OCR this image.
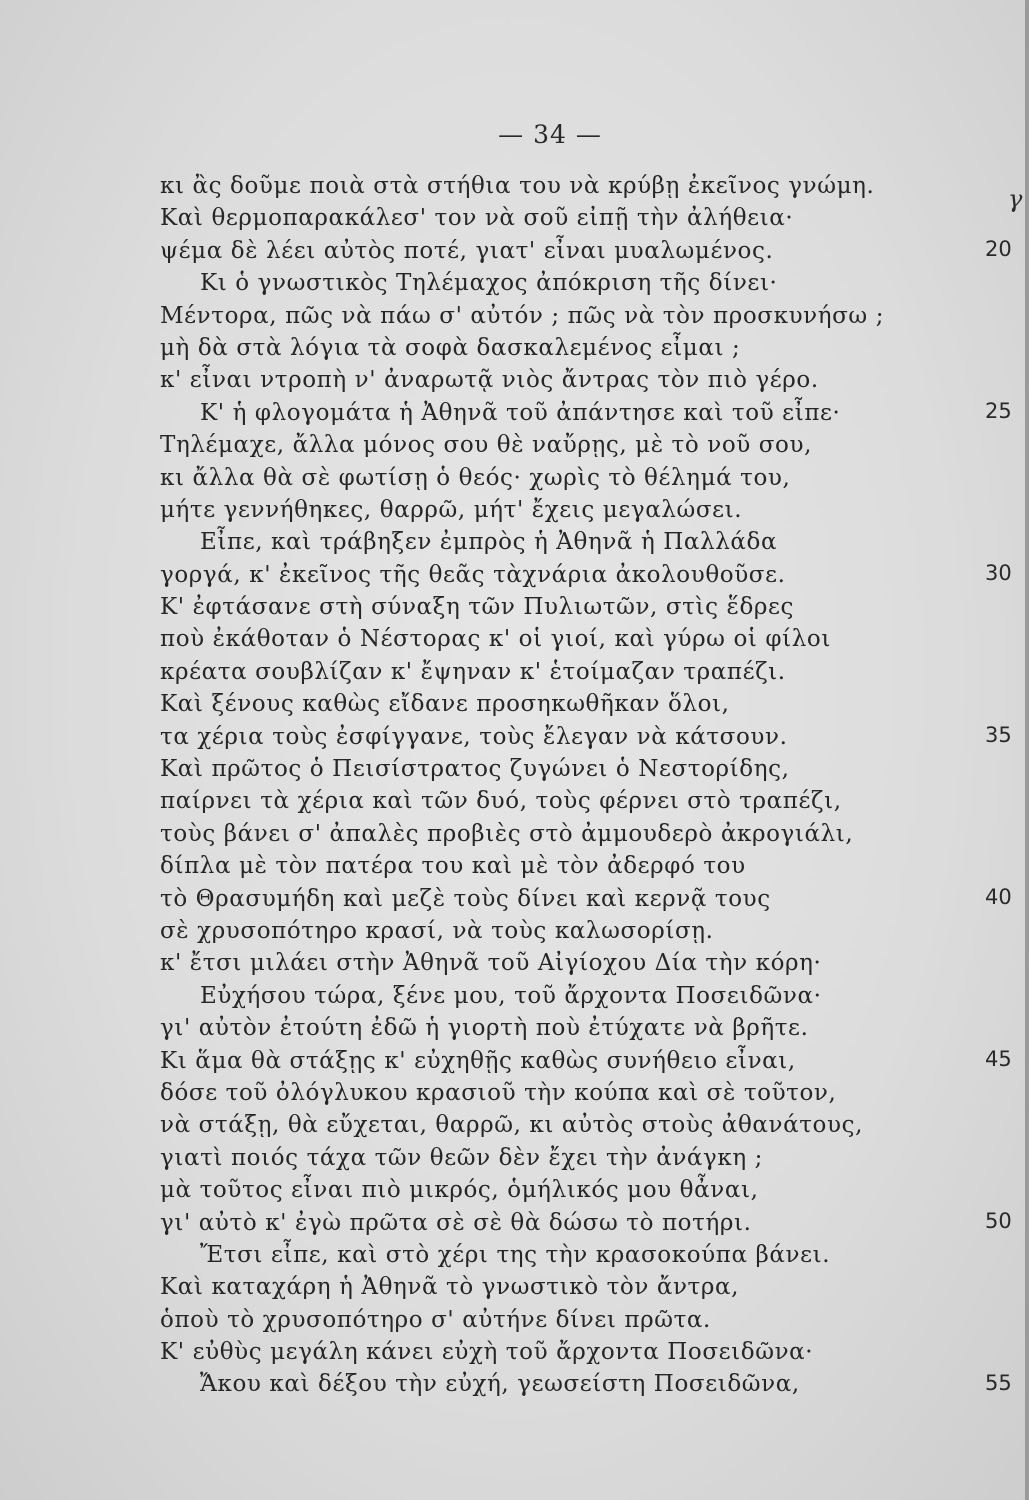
— 34 —
γ
κι ἂς δοῦμε ποιὰ στὰ στήθια του νὰ κρύβῃ ἐκεῖνος γνώμη.
Καὶ θερμοπαρακάλεσ' τον νὰ σοῦ εἰπῇ τὴν ἀλήθεια·
ψέμα δὲ λέει αὐτὸς ποτέ, γιατ' εἶναι μυαλωμένος.
Κι ὁ γνωστικὸς Τηλέμαχος ἀπόκριση τῆς δίνει·
Μέντορα, πῶς νὰ πάω σ' αὐτόν ; πῶς νὰ τὸν προσκυνήσω ;
μὴ δὰ στὰ λόγια τὰ σοφὰ δασκαλεμένος εἶμαι ;
κ' εἶναι ντροπὴ ν' ἀναρωτᾷ νιὸς ἄντρας τὸν πιὸ γέρο.
Κ' ἡ φλογομάτα ἡ Ἀθηνᾶ τοῦ ἀπάντησε καὶ τοῦ εἶπε·
Τηλέμαχε, ἄλλα μόνος σου θὲ ναὔρῃς, μὲ τὸ νοῦ σου,
κι ἄλλα θὰ σὲ φωτίσῃ ὁ θεός· χωρὶς τὸ θέλημά του,
μήτε γεννήθηκες, θαρρῶ, μήτ' ἔχεις μεγαλώσει.
Εἶπε, καὶ τράβηξεν ἐμπρὸς ἡ Ἀθηνᾶ ἡ Παλλάδα
γοργά, κ' ἐκεῖνος τῆς θεᾶς τὰχνάρια ἀκολουθοῦσε.
Κ' ἐφτάσανε στὴ σύναξη τῶν Πυλιωτῶν, στὶς ἕδρες
ποὺ ἐκάθοταν ὁ Νέστορας κ' οἱ γιοί, καὶ γύρω οἱ φίλοι
κρέατα σουβλίζαν κ' ἔψηναν κ' ἑτοίμαζαν τραπέζι.
Καὶ ξένους καθὼς εἴδανε προσηκωθῆκαν ὅλοι,
τα χέρια τοὺς ἐσφίγγανε, τοὺς ἔλεγαν νὰ κάτσουν.
Καὶ πρῶτος ὁ Πεισίστρατος ζυγώνει ὁ Νεστορίδης,
παίρνει τὰ χέρια καὶ τῶν δυό, τοὺς φέρνει στὸ τραπέζι,
τοὺς βάνει σ' ἀπαλὲς προβιὲς στὸ ἀμμουδερὸ ἀκρογιάλι,
δίπλα μὲ τὸν πατέρα του καὶ μὲ τὸν ἀδερφό του
τὸ Θρασυμήδη καὶ μεζὲ τοὺς δίνει καὶ κερνᾷ τους
σὲ χρυσοπότηρο κρασί, νὰ τοὺς καλωσορίσῃ.
κ' ἔτσι μιλάει στὴν Ἀθηνᾶ τοῦ Αἰγίοχου Δία τὴν κόρη·
Εὐχήσου τώρα, ξένε μου, τοῦ ἄρχοντα Ποσειδῶνα·
γι' αὐτὸν ἐτούτη ἐδῶ ἡ γιορτὴ ποὺ ἐτύχατε νὰ βρῆτε.
Κι ἅμα θὰ στάξῃς κ' εὐχηθῇς καθὼς συνήθειο εἶναι,
δόσε τοῦ ὀλόγλυκου κρασιοῦ τὴν κούπα καὶ σὲ τοῦτον,
νὰ στάξῃ, θὰ εὔχεται, θαρρῶ, κι αὐτὸς στοὺς ἀθανάτους,
γιατὶ ποιός τάχα τῶν θεῶν δὲν ἔχει τὴν ἀνάγκη ;
μὰ τοῦτος εἶναι πιὸ μικρός, ὁμήλικός μου θἆναι,
γι' αὐτὸ κ' ἐγὼ πρῶτα σὲ σὲ θὰ δώσω τὸ ποτήρι.
Ἔτσι εἶπε, καὶ στὸ χέρι της τὴν κρασοκούπα βάνει.
Καὶ καταχάρη ἡ Ἀθηνᾶ τὸ γνωστικὸ τὸν ἄντρα,
ὁποὺ τὸ χρυσοπότηρο σ' αὐτήνε δίνει πρῶτα.
Κ' εὐθὺς μεγάλη κάνει εὐχὴ τοῦ ἄρχοντα Ποσειδῶνα·
Ἄκου καὶ δέξου τὴν εὐχή, γεωσείστη Ποσειδῶνα,
20
25
30
35
40
45
50
55
